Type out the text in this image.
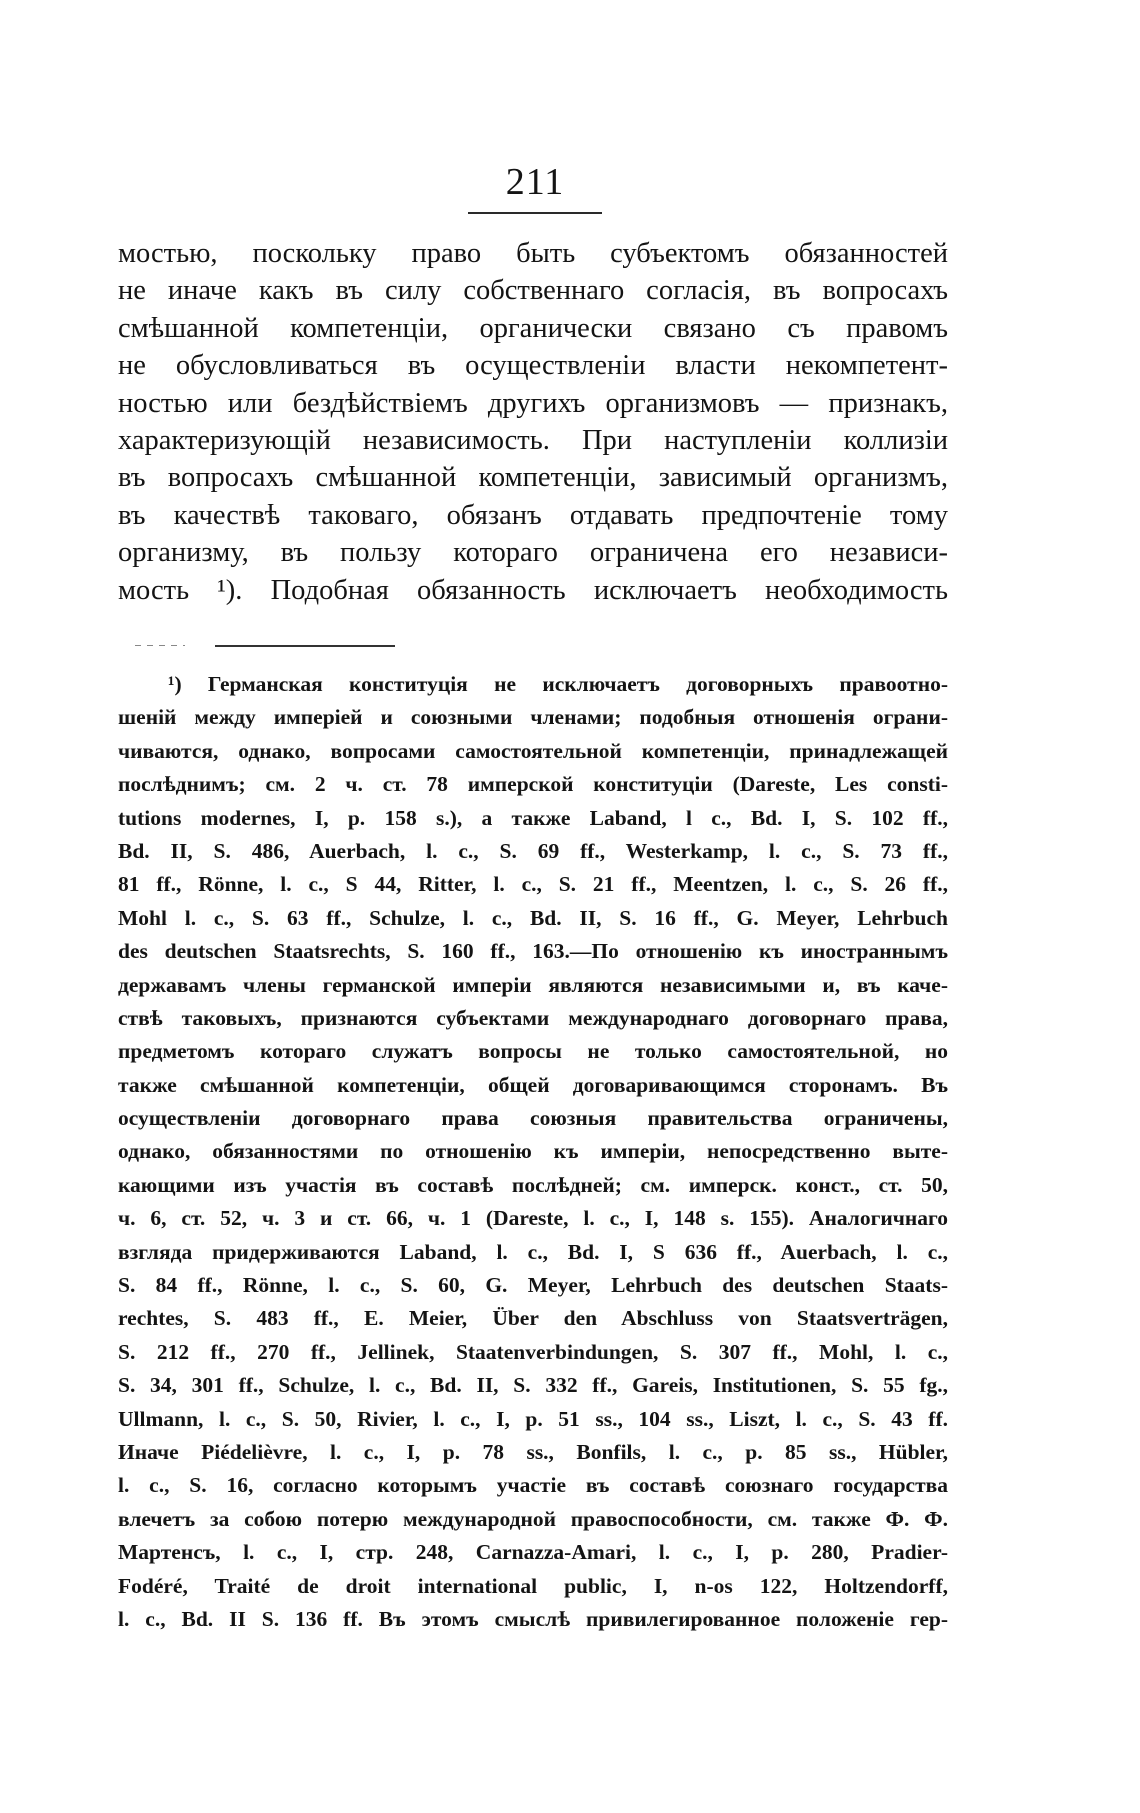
211
мостью, поскольку право быть субъектомъ обязанностей
не иначе какъ въ силу собственнаго согласія, въ вопросахъ
смѣшанной компетенціи, органически связано съ правомъ
не обусловливаться въ осуществленіи власти некомпетент-
ностью или бездѣйствіемъ другихъ организмовъ — признакъ,
характеризующій независимость. При наступленіи коллизіи
въ вопросахъ смѣшанной компетенціи, зависимый организмъ,
въ качествѣ таковаго, обязанъ отдавать предпочтеніе тому
организму, въ пользу котораго ограничена его независи-
мость ¹). Подобная обязанность исключаетъ необходимость
¹) Германская конституція не исключаетъ договорныхъ правоотно-
шеній между имперіей и союзными членами; подобныя отношенія ограни-
чиваются, однако, вопросами самостоятельной компетенціи, принадлежащей
послѣднимъ; см. 2 ч. ст. 78 имперской конституціи (Dareste, Les consti-
tutions modernes, I, p. 158 s.), а также Laband, l c., Bd. I, S. 102 ff.,
Bd. II, S. 486, Auerbach, l. c., S. 69 ff., Westerkamp, l. c., S. 73 ff.,
81 ff., Rönne, l. c., S 44, Ritter, l. c., S. 21 ff., Meentzen, l. c., S. 26 ff.,
Mohl l. c., S. 63 ff., Schulze, l. c., Bd. II, S. 16 ff., G. Meyer, Lehrbuch
des deutschen Staatsrechts, S. 160 ff., 163.—По отношенію къ иностраннымъ
державамъ члены германской имперіи являются независимыми и, въ каче-
ствѣ таковыхъ, признаются субъектами международнаго договорнаго права,
предметомъ котораго служатъ вопросы не только самостоятельной, но
также смѣшанной компетенціи, общей договаривающимся сторонамъ. Въ
осуществленіи договорнаго права союзныя правительства ограничены,
однако, обязанностями по отношенію къ имперіи, непосредственно выте-
кающими изъ участія въ составѣ послѣдней; см. имперск. конст., ст. 50,
ч. 6, ст. 52, ч. 3 и ст. 66, ч. 1 (Dareste, l. c., I, 148 s. 155). Аналогичнаго
взгляда придерживаются Laband, l. c., Bd. I, S 636 ff., Auerbach, l. c.,
S. 84 ff., Rönne, l. c., S. 60, G. Meyer, Lehrbuch des deutschen Staats-
rechtes, S. 483 ff., E. Meier, Über den Abschluss von Staatsverträgen,
S. 212 ff., 270 ff., Jellinek, Staatenverbindungen, S. 307 ff., Mohl, l. c.,
S. 34, 301 ff., Schulze, l. c., Bd. II, S. 332 ff., Gareis, Institutionen, S. 55 fg.,
Ullmann, l. c., S. 50, Rivier, l. c., I, p. 51 ss., 104 ss., Liszt, l. c., S. 43 ff.
Иначе Piédelièvre, l. c., I, p. 78 ss., Bonfils, l. c., p. 85 ss., Hübler,
l. c., S. 16, согласно которымъ участіе въ составѣ союзнаго государства
влечетъ за собою потерю международной правоспособности, см. также Ф. Ф.
Мартенсъ, l. c., I, стр. 248, Carnazza-Amari, l. c., I, p. 280, Pradier-
Fodéré, Traité de droit international public, I, n-os 122, Holtzendorff,
l. c., Bd. II S. 136 ff. Въ этомъ смыслѣ привилегированное положеніе гер-
